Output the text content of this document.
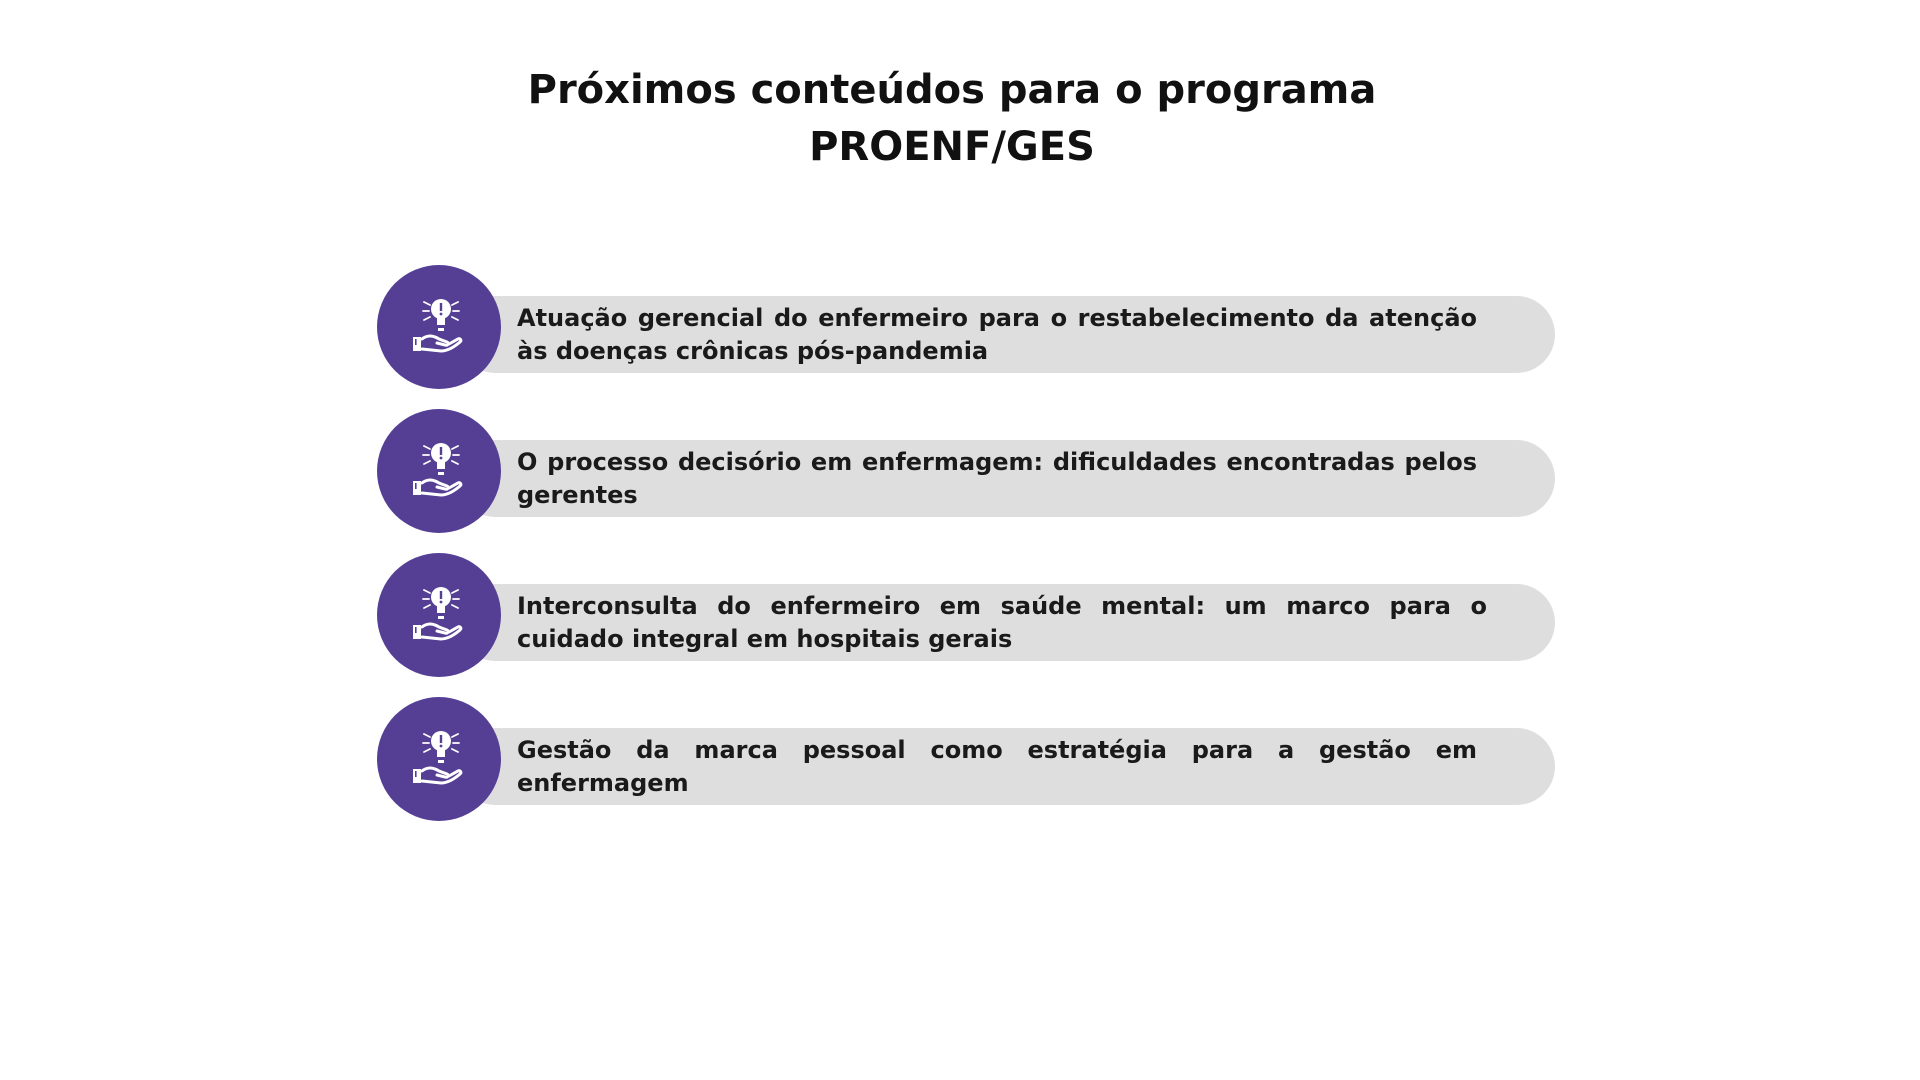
Próximos conteúdos para o programa
PROENF/GES
Atuação gerencial do enfermeiro para o restabelecimento da atenção às doenças crônicas pós-pandemia
O processo decisório em enfermagem: dificuldades encontradas pelos gerentes
Interconsulta do enfermeiro em saúde mental: um marco para o cuidado integral em hospitais gerais
Gestão da marca pessoal como estratégia para a gestão em enfermagem
